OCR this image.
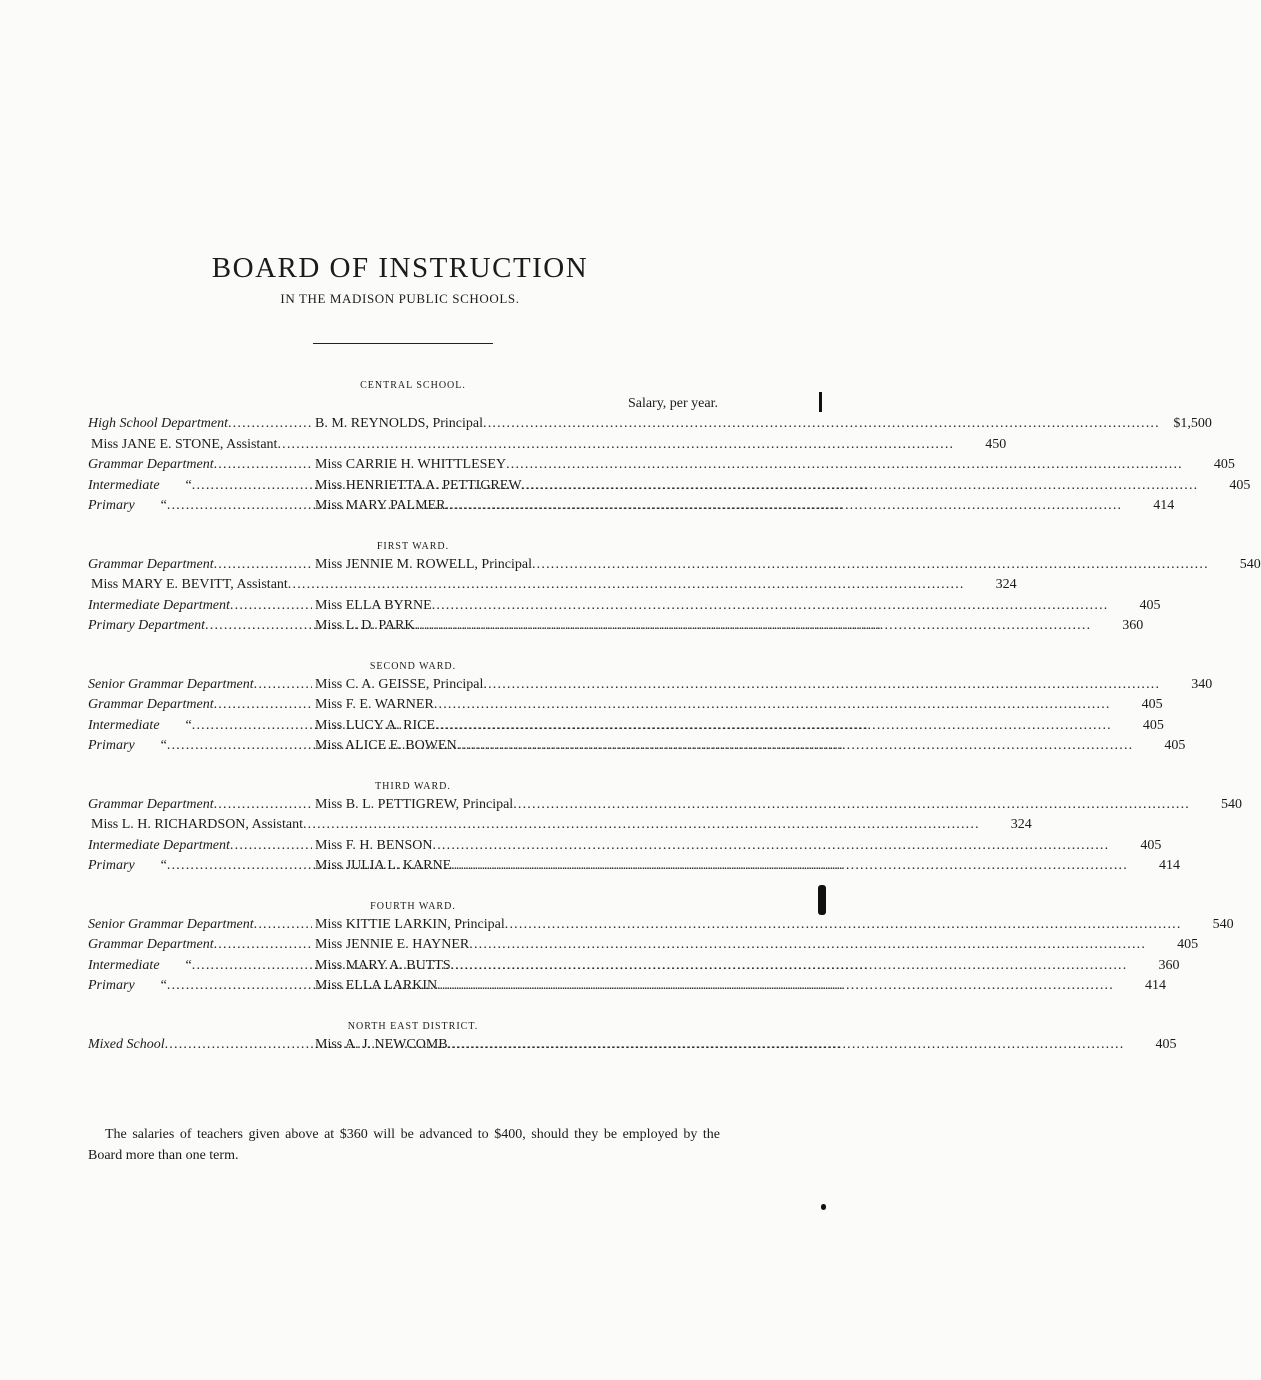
BOARD OF INSTRUCTION
IN THE MADISON PUBLIC SCHOOLS.
CENTRAL SCHOOL.
Salary, per year.
High School Department .....	B. M. REYNOLDS, Principal .....	$1,500
Miss JANE E. STONE, Assistant .....	450
Grammar Department .....	Miss CARRIE H. WHITTLESEY .....	405
Intermediate “ .....	Miss HENRIETTA A. PETTIGREW .....	405
Primary “ .....	Miss MARY PALMER .....	414
FIRST WARD.
Grammar Department .....	Miss JENNIE M. ROWELL, Principal .....	540
Miss MARY E. BEVITT, Assistant .....	324
Intermediate Department .....	Miss ELLA BYRNE .....	405
Primary Department .....	Miss L. D. PARK .....	360
SECOND WARD.
Senior Grammar Department .....	Miss C. A. GEISSE, Principal .....	340
Grammar Department .....	Miss F. E. WARNER .....	405
Intermediate “ .....	Miss LUCY A. RICE .....	405
Primary “ .....	Miss ALICE E. BOWEN .....	405
THIRD WARD.
Grammar Department .....	Miss B. L. PETTIGREW, Principal .....	540
Miss L. H. RICHARDSON, Assistant .....	324
Intermediate Department .....	Miss F. H. BENSON .....	405
Primary “ .....	Miss JULIA L. KARNE .....	414
FOURTH WARD.
Senior Grammar Department .....	Miss KITTIE LARKIN, Principal .....	540
Grammar Department .....	Miss JENNIE E. HAYNER .....	405
Intermediate “ .....	Miss MARY A. BUTTS .....	360
Primary “ .....	Miss ELLA LARKIN .....	414
NORTH EAST DISTRICT.
Mixed School .....	Miss A. J. NEWCOMB .....	405
The salaries of teachers given above at $360 will be advanced to $400, should they be employed by the Board more than one term.
